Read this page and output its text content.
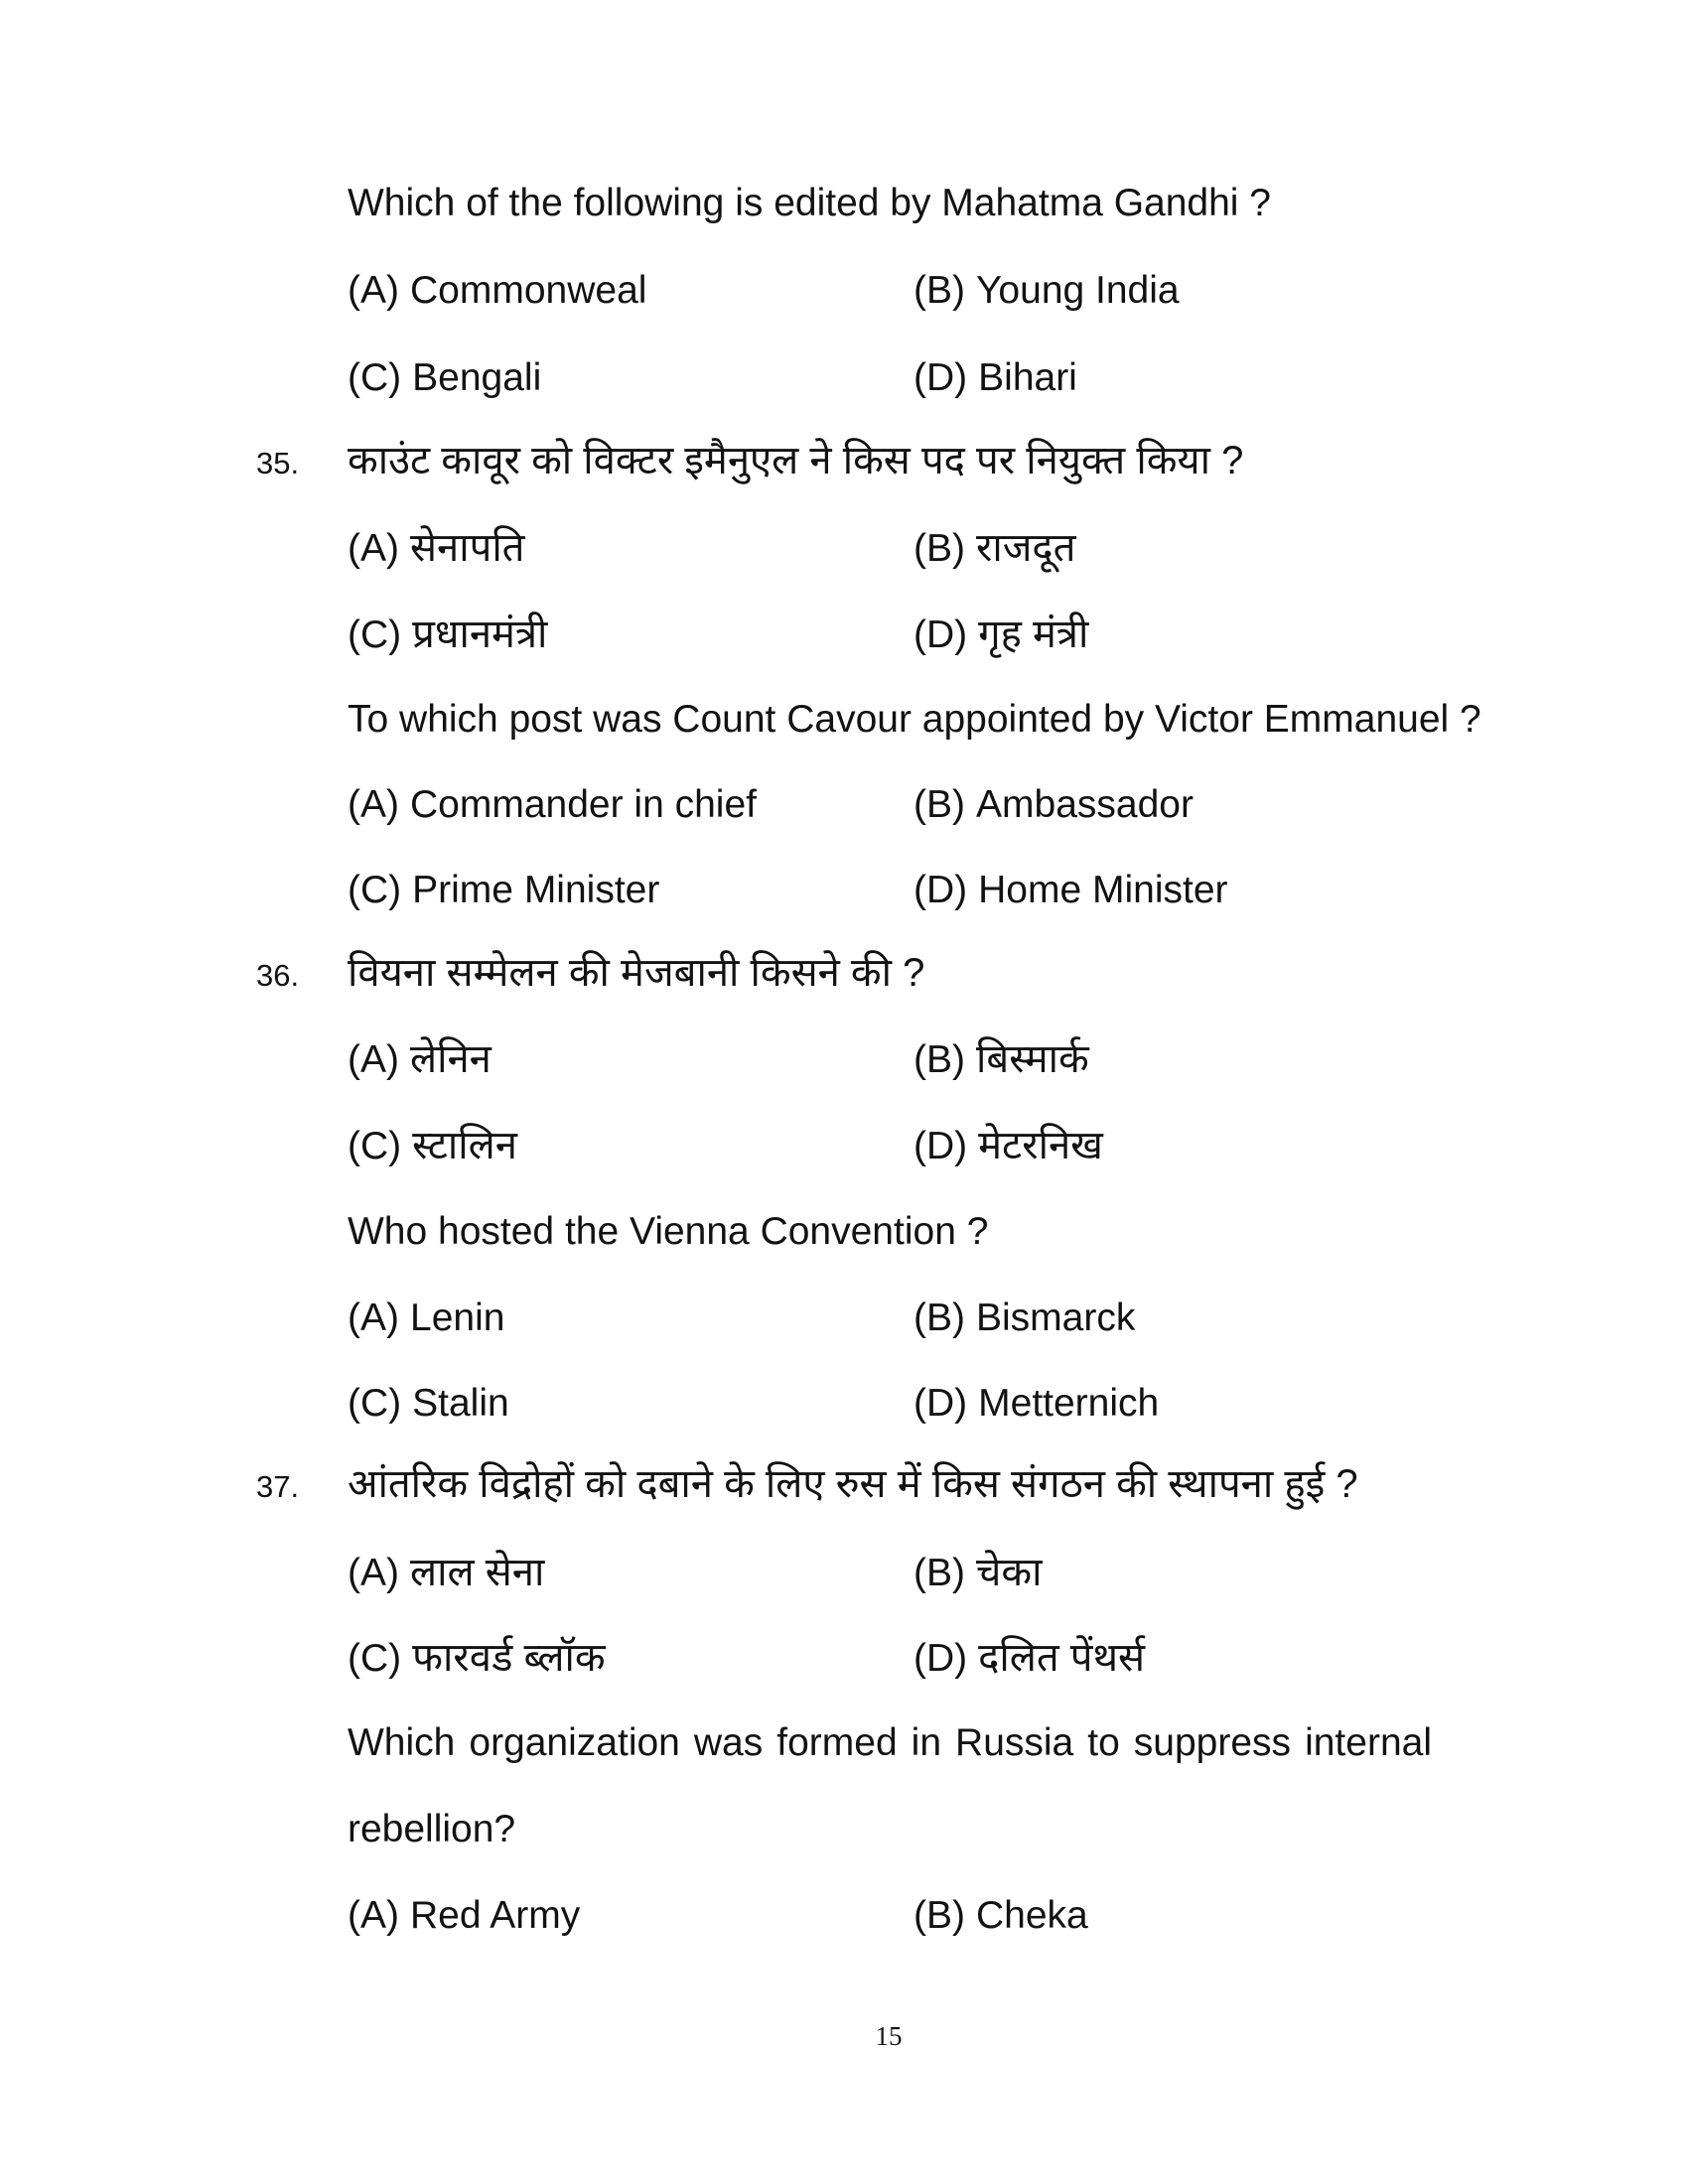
Which of the following is edited by Mahatma Gandhi ?
(A) Commonweal	(B) Young India
(C) Bengali	(D) Bihari
35. काउंट कावूर को विक्टर इमैनुएल ने किस पद पर नियुक्त किया ?
(A) सेनापति	(B) राजदूत
(C) प्रधानमंत्री	(D) गृह मंत्री
To which post was Count Cavour appointed by Victor Emmanuel ?
(A) Commander in chief	(B) Ambassador
(C) Prime Minister	(D) Home Minister
36. वियना सम्मेलन की मेजबानी किसने की ?
(A) लेनिन	(B) बिस्मार्क
(C) स्टालिन	(D) मेटरनिख
Who hosted the Vienna Convention ?
(A) Lenin	(B) Bismarck
(C) Stalin	(D) Metternich
37. आंतरिक विद्रोहों को दबाने के लिए रुस में किस संगठन की स्थापना हुई ?
(A) लाल सेना	(B) चेका
(C) फारवर्ड ब्लॉक	(D) दलित पेंथर्स
Which organization was formed in Russia to suppress internal
rebellion?
(A) Red Army	(B) Cheka
15
